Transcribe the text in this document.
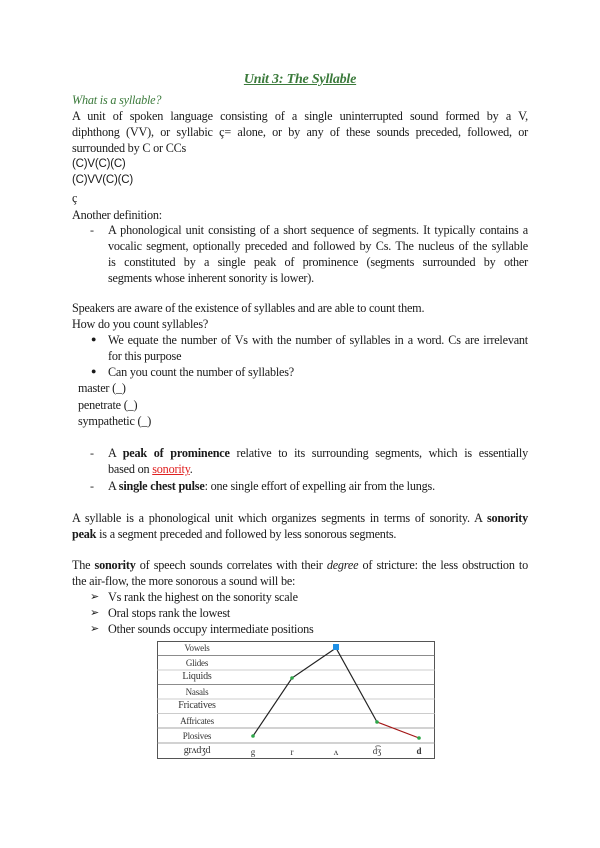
Unit 3: The Syllable
What is a syllable?
A unit of spoken language consisting of a single uninterrupted sound formed by a V,
diphthong (VV), or syllabic ç= alone, or by any of these sounds preceded, followed, or
surrounded by C or CCs
(C)V(C)(C)
(C)VV(C)(C)
ç
Another definition:
- A phonological unit consisting of a short sequence of segments. It typically contains a
vocalic segment, optionally preceded and followed by Cs. The nucleus of the syllable
is constituted by a single peak of prominence (segments surrounded by other
segments whose inherent sonority is lower).
Speakers are aware of the existence of syllables and are able to count them.
How do you count syllables?
● We equate the number of Vs with the number of syllables in a word. Cs are irrelevant
for this purpose
● Can you count the number of syllables?
master (_)
penetrate (_)
sympathetic (_)
- A peak of prominence relative to its surrounding segments, which is essentially
based on sonority.
- A single chest pulse: one single effort of expelling air from the lungs.
A syllable is a phonological unit which organizes segments in terms of sonority. A sonority
peak is a segment preceded and followed by less sonorous segments.
The sonority of speech sounds correlates with their degree of stricture: the less obstruction to
the air-flow, the more sonorous a sound will be:
➢ Vs rank the highest on the sonority scale
➢ Oral stops rank the lowest
➢ Other sounds occupy intermediate positions
Vowels
Glides
Liquids
Nasals
Fricatives
Affricates
Plosives
grʌdʒd	g	r	ʌ	d͡ʒ	d
